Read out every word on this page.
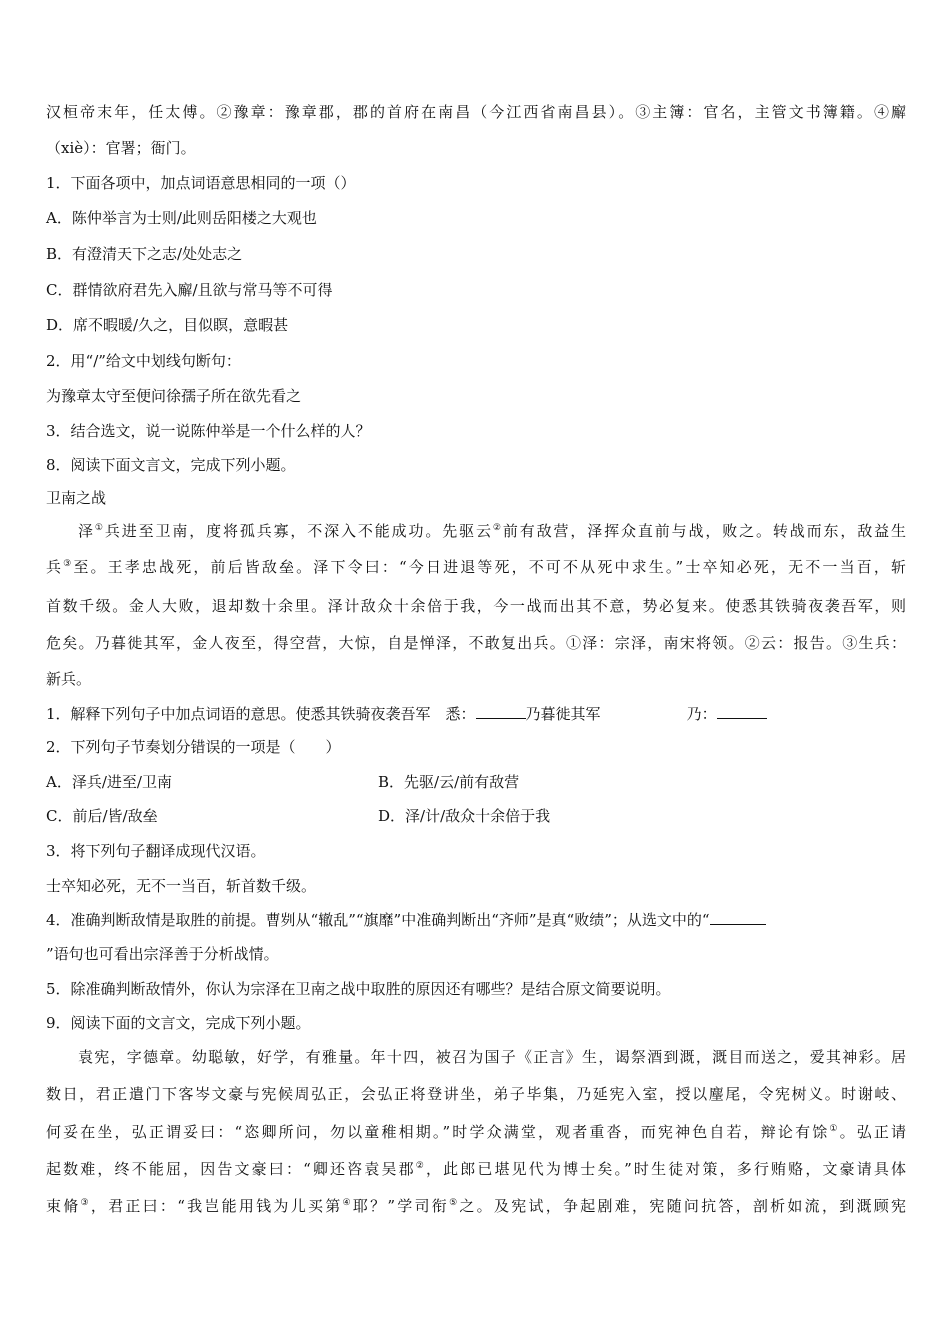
汉桓帝末年，任太傅。②豫章：豫章郡，郡的首府在南昌（今江西省南昌县）。③主簿：官名，主管文书簿籍。④廨
（xiè）：官署；衙门。
1．下面各项中，加点词语意思相同的一项（）
A．陈仲举言为士则/此则岳阳楼之大观也
B．有澄清天下之志/处处志之
C．群情欲府君先入廨/且欲与常马等不可得
D．席不暇暖/久之，目似瞑，意暇甚
2．用“/”给文中划线句断句：
为豫章太守至便问徐孺子所在欲先看之
3．结合选文，说一说陈仲举是一个什么样的人？
8．阅读下面文言文，完成下列小题。
卫南之战
泽①兵进至卫南，度将孤兵寡，不深入不能成功。先驱云②前有敌营，泽挥众直前与战，败之。转战而东，敌益生
兵③至。王孝忠战死，前后皆敌垒。泽下令曰：“今日进退等死，不可不从死中求生。”士卒知必死，无不一当百，斩
首数千级。金人大败，退却数十余里。泽计敌众十余倍于我，今一战而出其不意，势必复来。使悉其铁骑夜袭吾军，则
危矣。乃暮徙其军，金人夜至，得空营，大惊，自是惮泽，不敢复出兵。①泽：宗泽，南宋将领。②云：报告。③生兵：
新兵。
1．解释下列句子中加点词语的意思。使悉其铁骑夜袭吾军　悉：	乃暮徙其军	乃：
2．下列句子节奏划分错误的一项是（　　）
A．泽兵/进至/卫南	B．先驱/云/前有敌营
C．前后/皆/敌垒	D．泽/计/敌众十余倍于我
3．将下列句子翻译成现代汉语。
士卒知必死，无不一当百，斩首数千级。
4．准确判断敌情是取胜的前提。曹刿从“辙乱”“旗靡”中准确判断出“齐师”是真“败绩”；从选文中的“
”语句也可看出宗泽善于分析战情。
5．除准确判断敌情外，你认为宗泽在卫南之战中取胜的原因还有哪些？是结合原文简要说明。
9．阅读下面的文言文，完成下列小题。
袁宪，字德章。幼聪敏，好学，有雅量。年十四，被召为国子《正言》生，谒祭酒到溉，溉目而送之，爱其神彩。居
数日，君正遣门下客岑文豪与宪候周弘正，会弘正将登讲坐，弟子毕集，乃延宪入室，授以麈尾，令宪树义。时谢岐、
何妥在坐，弘正谓妥曰：“恣卿所问，勿以童稚相期。”时学众满堂，观者重沓，而宪神色自若，辩论有馀①。弘正请
起数难，终不能屈，因告文豪曰：“卿还咨袁吴郡②，此郎已堪见代为博士矣。”时生徒对策，多行贿赂，文豪请具体
束脩③，君正曰：“我岂能用钱为儿买第④耶？”学司衔⑤之。及宪试，争起剧难，宪随问抗答，剖析如流，到溉顾宪
